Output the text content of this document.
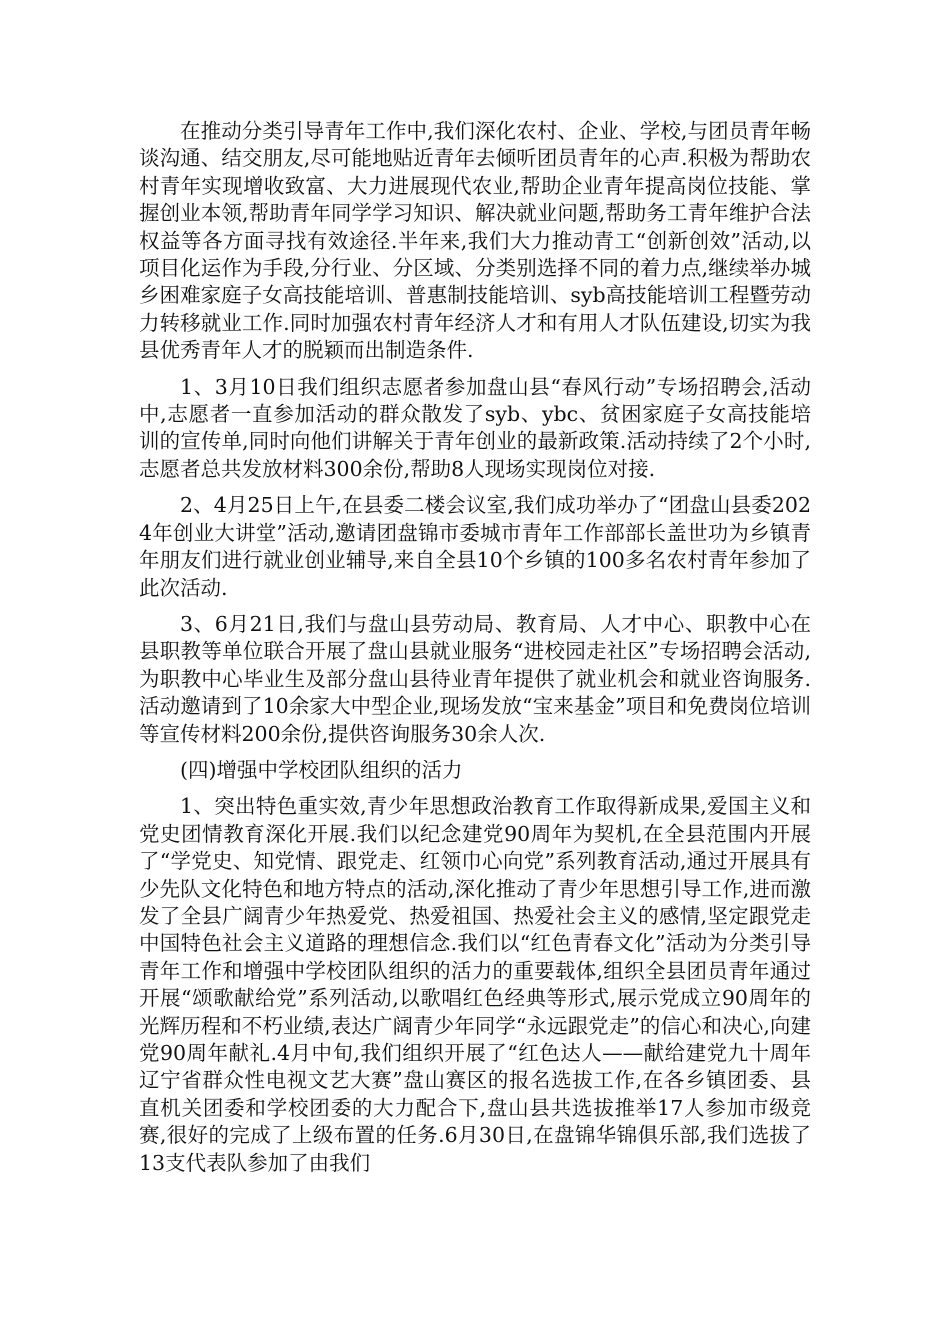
在推动分类引导青年工作中,我们深化农村、企业、学校,与团员青年畅谈沟通、结交朋友,尽可能地贴近青年去倾听团员青年的心声.积极为帮助农村青年实现增收致富、大力进展现代农业,帮助企业青年提高岗位技能、掌握创业本领,帮助青年同学学习知识、解决就业问题,帮助务工青年维护合法权益等各方面寻找有效途径.半年来,我们大力推动青工“创新创效”活动,以项目化运作为手段,分行业、分区域、分类别选择不同的着力点,继续举办城乡困难家庭子女高技能培训、普惠制技能培训、syb高技能培训工程暨劳动力转移就业工作.同时加强农村青年经济人才和有用人才队伍建设,切实为我县优秀青年人才的脱颖而出制造条件.

1、3月10日我们组织志愿者参加盘山县“春风行动”专场招聘会,活动中,志愿者一直参加活动的群众散发了syb、ybc、贫困家庭子女高技能培训的宣传单,同时向他们讲解关于青年创业的最新政策.活动持续了2个小时,志愿者总共发放材料300余份,帮助8人现场实现岗位对接.

2、4月25日上午,在县委二楼会议室,我们成功举办了“团盘山县委2024年创业大讲堂”活动,邀请团盘锦市委城市青年工作部部长盖世功为乡镇青年朋友们进行就业创业辅导,来自全县10个乡镇的100多名农村青年参加了此次活动.

3、6月21日,我们与盘山县劳动局、教育局、人才中心、职教中心在县职教等单位联合开展了盘山县就业服务“进校园走社区”专场招聘会活动,为职教中心毕业生及部分盘山县待业青年提供了就业机会和就业咨询服务.活动邀请到了10余家大中型企业,现场发放“宝来基金”项目和免费岗位培训等宣传材料200余份,提供咨询服务30余人次.

(四)增强中学校团队组织的活力

1、突出特色重实效,青少年思想政治教育工作取得新成果,爱国主义和党史团情教育深化开展.我们以纪念建党90周年为契机,在全县范围内开展了“学党史、知党情、跟党走、红领巾心向党”系列教育活动,通过开展具有少先队文化特色和地方特点的活动,深化推动了青少年思想引导工作,进而激发了全县广阔青少年热爱党、热爱祖国、热爱社会主义的感情,坚定跟党走中国特色社会主义道路的理想信念.我们以“红色青春文化”活动为分类引导青年工作和增强中学校团队组织的活力的重要载体,组织全县团员青年通过开展“颂歌献给党”系列活动,以歌唱红色经典等形式,展示党成立90周年的光辉历程和不朽业绩,表达广阔青少年同学“永远跟党走”的信心和决心,向建党90周年献礼.4月中旬,我们组织开展了“红色达人——献给建党九十周年辽宁省群众性电视文艺大赛”盘山赛区的报名选拔工作,在各乡镇团委、县直机关团委和学校团委的大力配合下,盘山县共选拔推举17人参加市级竞赛,很好的完成了上级布置的任务.6月30日,在盘锦华锦俱乐部,我们选拔了13支代表队参加了由我们
